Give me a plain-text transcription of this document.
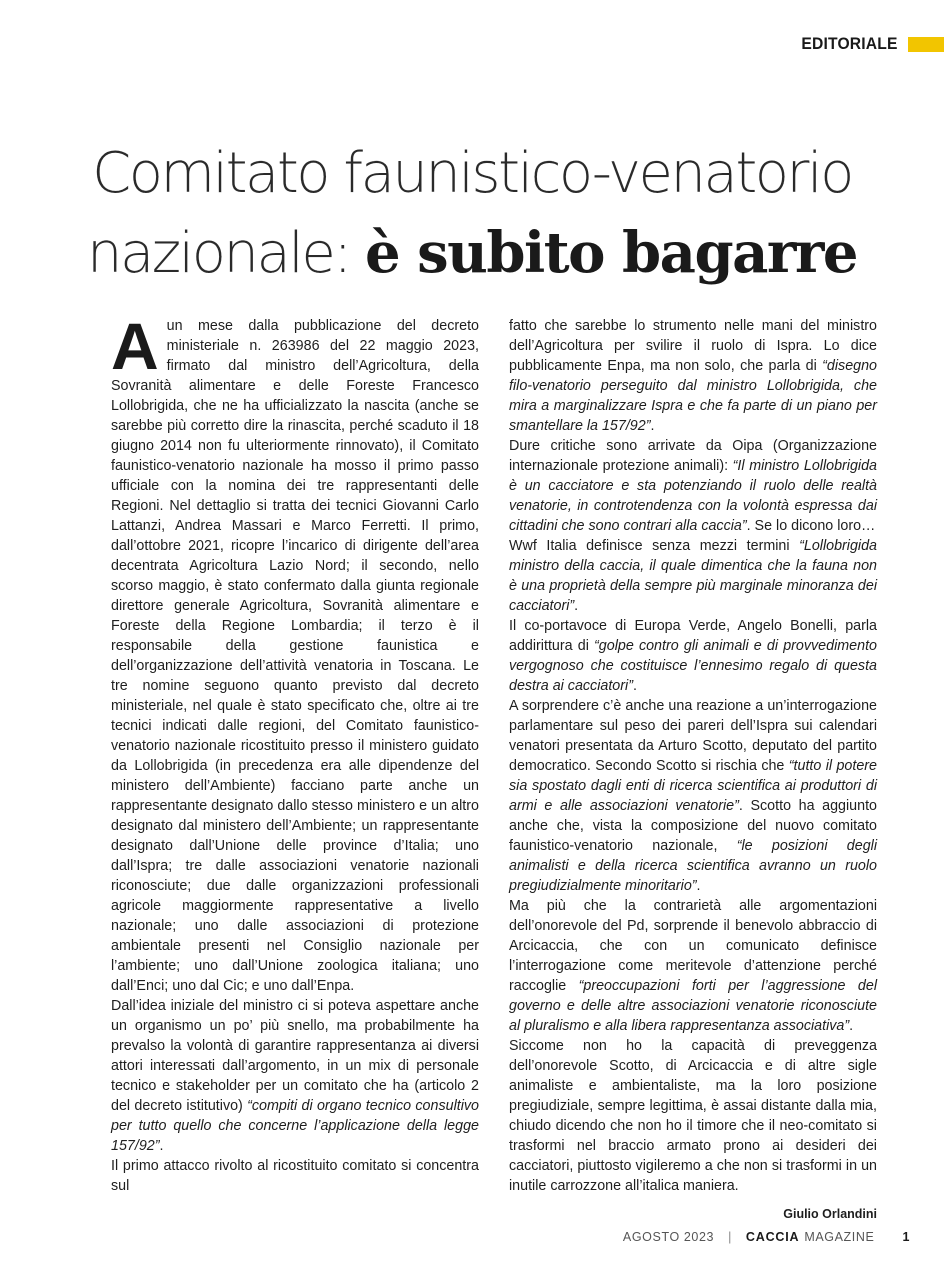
EDITORIALE
Comitato faunistico-venatorio
nazionale: è subito bagarre

A un mese dalla pubblicazione del decreto ministeriale n. 263986 del 22 maggio 2023, firmato dal ministro dell’Agricoltura, della Sovranità alimentare e delle Foreste Francesco Lollobrigida, che ne ha ufficializzato la nascita (anche se sarebbe più corretto dire la rinascita, perché scaduto il 18 giugno 2014 non fu ulteriormente rinnovato), il Comitato faunistico-venatorio nazionale ha mosso il primo passo ufficiale con la nomina dei tre rappresentanti delle Regioni. Nel dettaglio si tratta dei tecnici Giovanni Carlo Lattanzi, Andrea Massari e Marco Ferretti. Il primo, dall’ottobre 2021, ricopre l’incarico di dirigente dell’area decentrata Agricoltura Lazio Nord; il secondo, nello scorso maggio, è stato confermato dalla giunta regionale direttore generale Agricoltura, Sovranità alimentare e Foreste della Regione Lombardia; il terzo è il responsabile della gestione faunistica e dell’organizzazione dell’attività venatoria in Toscana. Le tre nomine seguono quanto previsto dal decreto ministeriale, nel quale è stato specificato che, oltre ai tre tecnici indicati dalle regioni, del Comitato faunistico-venatorio nazionale ricostituito presso il ministero guidato da Lollobrigida (in precedenza era alle dipendenze del ministero dell’Ambiente) facciano parte anche un rappresentante designato dallo stesso ministero e un altro designato dal ministero dell’Ambiente; un rappresentante designato dall’Unione delle province d’Italia; uno dall’Ispra; tre dalle associazioni venatorie nazionali riconosciute; due dalle organizzazioni professionali agricole maggiormente rappresentative a livello nazionale; uno dalle associazioni di protezione ambientale presenti nel Consiglio nazionale per l’ambiente; uno dall’Unione zoologica italiana; uno dall’Enci; uno dal Cic; e uno dall’Enpa.

Dall’idea iniziale del ministro ci si poteva aspettare anche un organismo un po’ più snello, ma probabilmente ha prevalso la volontà di garantire rappresentanza ai diversi attori interessati dall’argomento, in un mix di personale tecnico e stakeholder per un comitato che ha (articolo 2 del decreto istitutivo) “compiti di organo tecnico consultivo per tutto quello che concerne l’applicazione della legge 157/92”.

Il primo attacco rivolto al ricostituito comitato si concentra sul

fatto che sarebbe lo strumento nelle mani del ministro dell’Agricoltura per svilire il ruolo di Ispra. Lo dice pubblicamente Enpa, ma non solo, che parla di “disegno filo-venatorio perseguito dal ministro Lollobrigida, che mira a marginalizzare Ispra e che fa parte di un piano per smantellare la 157/92”.

Dure critiche sono arrivate da Oipa (Organizzazione internazionale protezione animali): “Il ministro Lollobrigida è un cacciatore e sta potenziando il ruolo delle realtà venatorie, in controtendenza con la volontà espressa dai cittadini che sono contrari alla caccia”. Se lo dicono loro…

Wwf Italia definisce senza mezzi termini “Lollobrigida ministro della caccia, il quale dimentica che la fauna non è una proprietà della sempre più marginale minoranza dei cacciatori”.

Il co-portavoce di Europa Verde, Angelo Bonelli, parla addirittura di “golpe contro gli animali e di provvedimento vergognoso che costituisce l’ennesimo regalo di questa destra ai cacciatori”.

A sorprendere c’è anche una reazione a un’interrogazione parlamentare sul peso dei pareri dell’Ispra sui calendari venatori presentata da Arturo Scotto, deputato del partito democratico. Secondo Scotto si rischia che “tutto il potere sia spostato dagli enti di ricerca scientifica ai produttori di armi e alle associazioni venatorie”. Scotto ha aggiunto anche che, vista la composizione del nuovo comitato faunistico-venatorio nazionale, “le posizioni degli animalisti e della ricerca scientifica avranno un ruolo pregiudizialmente minoritario”.

Ma più che la contrarietà alle argomentazioni dell’onorevole del Pd, sorprende il benevolo abbraccio di Arcicaccia, che con un comunicato definisce l’interrogazione come meritevole d’attenzione perché raccoglie “preoccupazioni forti per l’aggressione del governo e delle altre associazioni venatorie riconosciute al pluralismo e alla libera rappresentanza associativa”.

Siccome non ho la capacità di preveggenza dell’onorevole Scotto, di Arcicaccia e di altre sigle animaliste e ambientaliste, ma la loro posizione pregiudiziale, sempre legittima, è assai distante dalla mia, chiudo dicendo che non ho il timore che il neo-comitato si trasformi nel braccio armato prono ai desideri dei cacciatori, piuttosto vigileremo a che non si trasformi in un inutile carrozzone all’italica maniera.

Giulio Orlandini

AGOSTO 2023 | CACCIA MAGAZINE 1
